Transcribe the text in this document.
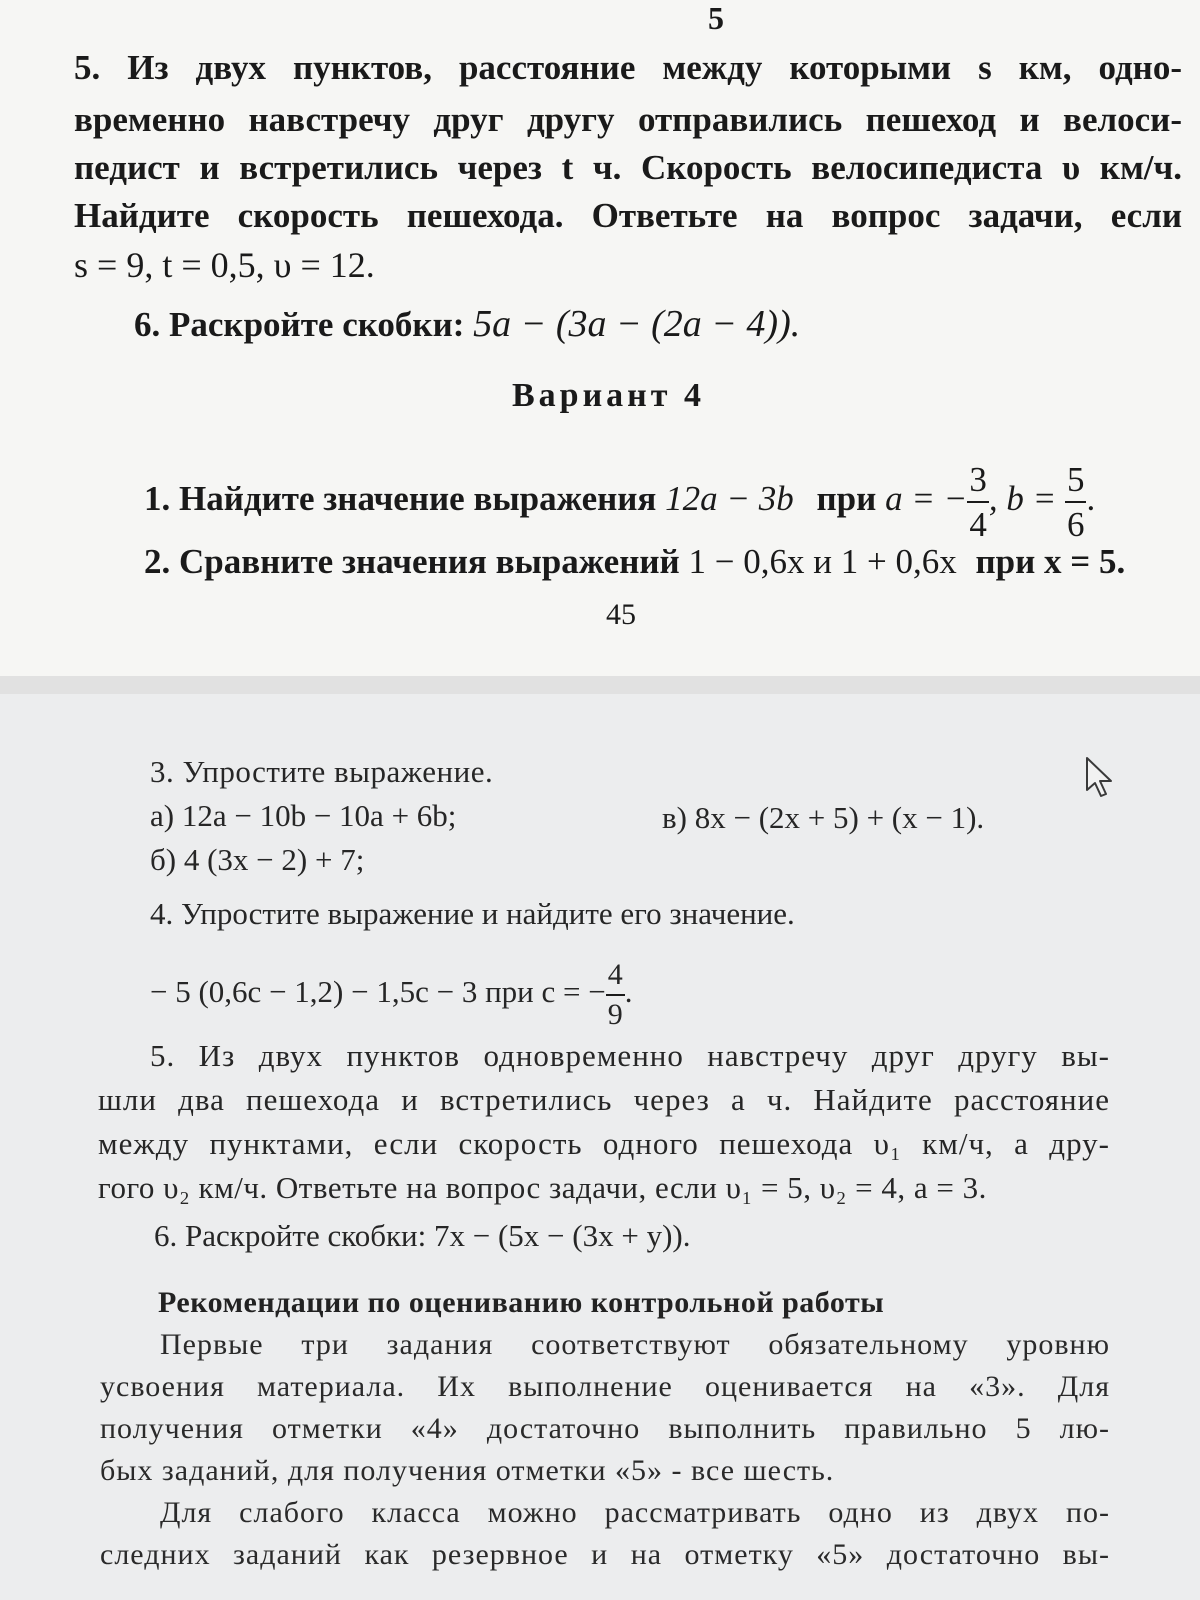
5
5. Из двух пунктов, расстояние между которыми s км, одно-
временно навстречу друг другу отправились пешеход и велоси-
педист и встретились через t ч. Скорость велосипедиста υ км/ч.
Найдите скорость пешехода. Ответьте на вопрос задачи, если
s = 9, t = 0,5, υ = 12.
6. Раскройте скобки: 5a − (3a − (2a − 4)).
Вариант 4
1. Найдите значение выражения 12a − 3b при a = − $\frac{3}{4}$ , $b = \frac{5}{6}$ .
2. Сравните значения выражений 1 − 0,6x и 1 + 0,6x при x = 5.
45
3. Упростите выражение.
а) 12a − 10b − 10a + 6b;	в) 8x − (2x + 5) + (x − 1).
б) 4 (3x − 2) + 7;
4. Упростите выражение и найдите его значение.
− 5 (0,6c − 1,2) − 1,5c − 3 при c = − $\frac{4}{9}$ .
5. Из двух пунктов одновременно навстречу друг другу вы-
шли два пешехода и встретились через a ч. Найдите расстояние
между пунктами, если скорость одного пешехода υ₁ км/ч, а дру-
гого υ₂ км/ч. Ответьте на вопрос задачи, если υ₁ = 5, υ₂ = 4, a = 3.
6. Раскройте скобки: 7x − (5x − (3x + y)).
Рекомендации по оцениванию контрольной работы
Первые три задания соответствуют обязательному уровню
усвоения материала. Их выполнение оценивается на «3». Для
получения отметки «4» достаточно выполнить правильно 5 лю-
бых заданий, для получения отметки «5» - все шесть.
Для слабого класса можно рассматривать одно из двух по-
следних заданий как резервное и на отметку «5» достаточно вы-
